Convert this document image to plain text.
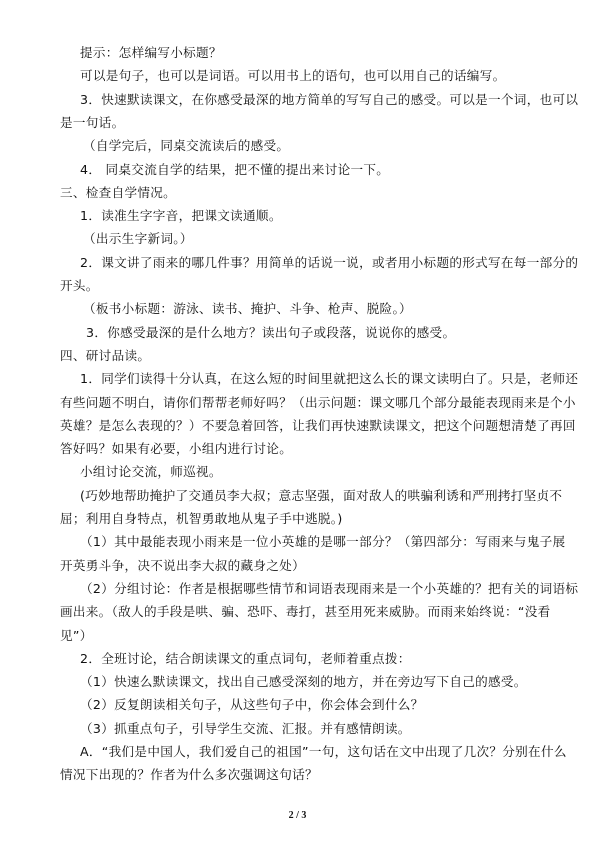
提示：怎样编写小标题？
可以是句子，也可以是词语。可以用书上的语句，也可以用自己的话编写。
3．快速默读课文，在你感受最深的地方简单的写写自己的感受。可以是一个词，也可以
是一句话。
（自学完后，同桌交流读后的感受。
4． 同桌交流自学的结果，把不懂的提出来讨论一下。
三、检查自学情况。
1．读准生字字音，把课文读通顺。
（出示生字新词。）
2．课文讲了雨来的哪几件事？用简单的话说一说，或者用小标题的形式写在每一部分的
开头。
（板书小标题：游泳、读书、掩护、斗争、枪声、脱险。）
3．你感受最深的是什么地方？读出句子或段落，说说你的感受。
四、研讨品读。
1．同学们读得十分认真，在这么短的时间里就把这么长的课文读明白了。只是，老师还
有些问题不明白，请你们帮帮老师好吗？（出示问题：课文哪几个部分最能表现雨来是个小
英雄？是怎么表现的？）不要急着回答，让我们再快速默读课文，把这个问题想清楚了再回
答好吗？如果有必要，小组内进行讨论。
小组讨论交流，师巡视。
(巧妙地帮助掩护了交通员李大叔；意志坚强，面对敌人的哄骗利诱和严刑拷打坚贞不
屈；利用自身特点，机智勇敢地从鬼子手中逃脱。)
（1）其中最能表现小雨来是一位小英雄的是哪一部分？（第四部分：写雨来与鬼子展
开英勇斗争，决不说出李大叔的藏身之处）
（2）分组讨论：作者是根据哪些情节和词语表现雨来是一个小英雄的？把有关的词语标
画出来。（敌人的手段是哄、骗、恐吓、毒打，甚至用死来威胁。而雨来始终说：“没看
见”）
2．全班讨论，结合朗读课文的重点词句，老师着重点拨：
（1）快速么默读课文，找出自己感受深刻的地方，并在旁边写下自己的感受。
（2）反复朗读相关句子，从这些句子中，你会体会到什么？
（3）抓重点句子，引导学生交流、汇报。并有感情朗读。
A．“我们是中国人，我们爱自己的祖国”一句，这句话在文中出现了几次？分别在什么
情况下出现的？作者为什么多次强调这句话？
2 / 3
